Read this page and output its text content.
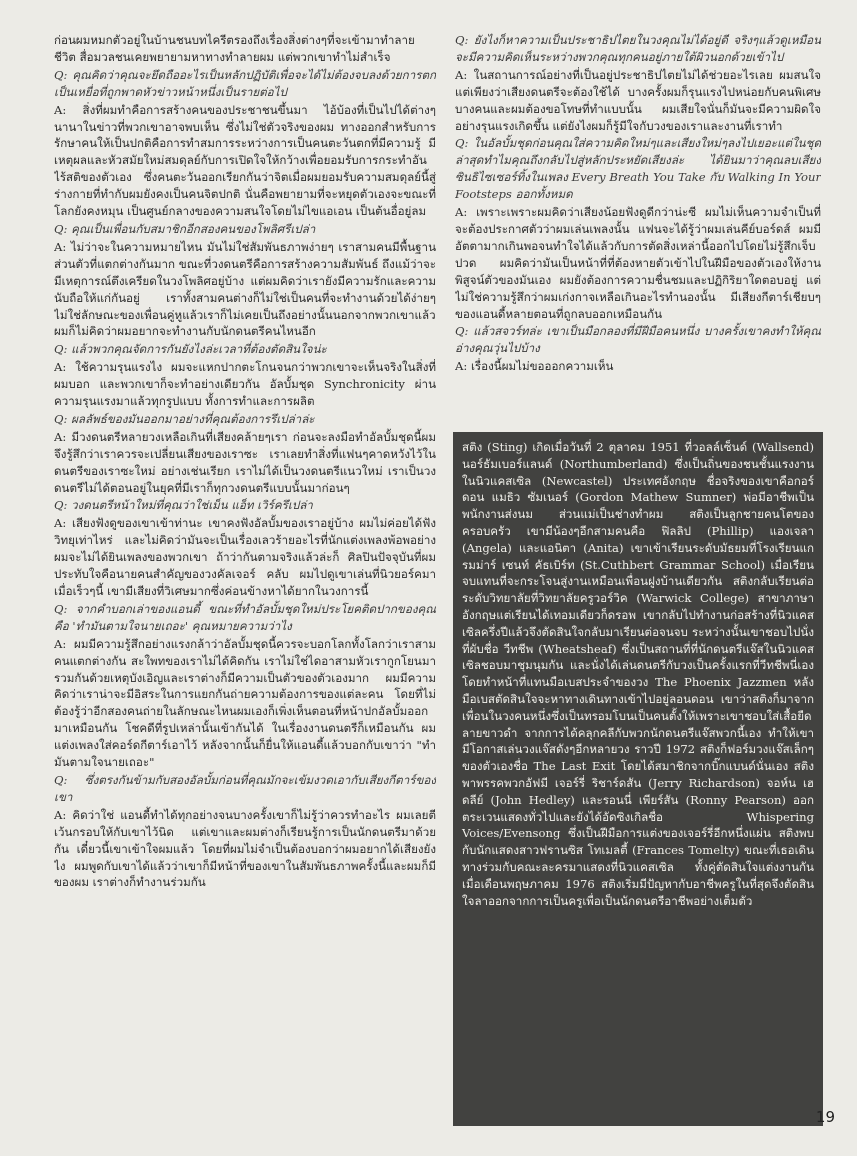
ก่อนผมหมกตัวอยู่ในบ้านชนบทไครีตรองถึงเรื่องสิ่งต่างๆที่จะเข้ามาทำลายชีวิต สื่อมวลชนเคยพยายามหาทางทำลายผม แต่พวกเขาทำไม่สำเร็จ

Q: คุณคิดว่าคุณจะยึดถืออะไรเป็นหลักปฏิบัติเพื่อจะได้ไม่ต้องจบลงด้วยการตกเป็นเหยื่อที่ถูกพาดหัวข่าวหน้าหนึ่งเป็นรายต่อไป

A: สิ่งที่ผมทำคือการสร้างคนของประชาชนขึ้นมา ไอ้บ้องที่เป็นไปได้ต่างๆ นานาในข่าวที่พวกเขาอาจพบเห็น ซึ่งไม่ใช่ตัวจริงของผม ทางออกสำหรับการรักษาคนให้เป็นปกติคือการทำสมการระหว่างการเป็นคนตะวันตกที่มีความรู้ มีเหตุผลและหัวสมัยใหม่สมดุลย์กับการเปิดใจให้กว้างเพื่อยอมรับการกระทำอันไร้สติของตัวเอง ซึ่งคนตะวันออกเรียกกันว่าจิตเมื่อผมยอมรับความสมดุลย์นี้สู่ร่างกายที่ทำกับผมยังคงเป็นคนจิตปกติ นั่นคือพยายามที่จะหยุดตัวเองจะขณะที่โลกยังคงหมุน เป็นศูนย์กลางของความสนใจโดยไม่ไขแอเอน เป็นต้นอื่อยู่ลม

Q: คุณเป็นเพื่อนกับสมาชิกอีกสองคนของโพลิศรีเปล่า

A: ไม่ว่าจะในความหมายไหน มันไม่ใช่สัมพันธภาพง่ายๆ เราสามคนมีพื้นฐานส่วนตัวที่แตกต่างกันมาก ขณะที่วงดนตรีคือการสร้างความสัมพันธ์ ถึงแม้ว่าจะมีเหตุการณ์ตึงเครียดในวงโพลิศอยู่บ้าง แต่ผมคิดว่าเรายังมีความรักและความนับถือให้แก่กันอยู่ เราทั้งสามคนต่างก็ไม่ใช่เป็นคนที่จะทำงานด้วยได้ง่ายๆ ไม่ใช่ลักษณะของเพื่อนคู่หูแล้วเราก็ไม่เคยเป็นถึงอย่างนั้นนอกจากพวกเขาแล้วผมก็ไม่คิดว่าผมอยากจะทำงานกับนักดนตรีคนไหนอีก

Q: แล้วพวกคุณจัดการกันยังไงล่ะเวลาที่ต้องตัดสินใจน่ะ

A: ใช้ความรุนแรงไง ผมจะแหกปากตะโกนจนกว่าพวกเขาจะเห็นจริงในสิ่งที่ผมบอก และพวกเขาก็จะทำอย่างเดียวกัน อัลบั้มชุด Synchronicity ผ่านความรุนแรงมาแล้วทุกรูปแบบ ทั้งการทำและการผลิต

Q: ผลลัพธ์ของมันออกมาอย่างที่คุณต้องการรึเปล่าล่ะ

A: มีวงดนตรีหลายวงเหลือเกินที่เสียงคล้ายๆเรา ก่อนจะลงมือทำอัลบั้มชุดนี้ผมจึงรู้สึกว่าเราควรจะเปลี่ยนเสียงของเราซะ เราเลยทำสิ่งที่แฟนๆคาดหวังไว้ในดนตรีของเราซะใหม่ อย่างเช่นเรียก เราไม่ได้เป็นวงดนตรีแนวใหม่ เราเป็นวงดนตรีไม่ได้ตอนอยู่ในยุคที่มีเราก็ทุกวงดนตรีแบบนั้นมาก่อนๆ

Q: วงดนตรีหน้าใหม่ที่คุณว่าใช่เม็น แอ็ท เวิร์ครึเปล่า

A: เสียงฟังดูของเขาเข้าท่านะ เขาคงฟังอัลบั้มของเราอยู่บ้าง ผมไม่ค่อยได้ฟังวิทยุเท่าไหร่ และไม่คิดว่ามันจะเป็นเรื่องเลวร้ายอะไรที่นักแต่งเพลงพ้อพอย่างผมจะไม่ได้ยินเพลงของพวกเขา ถ้าว่ากันตามจริงแล้วล่ะก็ ศิลปินปัจจุบันที่ผมประทับใจคือนายคนสำคัญของวงคัลเจอร์ คลับ ผมไปดูเขาเล่นที่นิวยอร์คมาเมื่อเร็วๆนี้ เขามีเสียงที่วิเศษมากซึ่งค่อนข้างหาได้ยากในวงการนี้

Q: จากคำบอกเล่าของแอนดี้ ขณะที่ทำอัลบั้มชุดใหม่ประโยคติดปากของคุณคือ 'ทำมันตามใจนายเถอะ' คุณหมายความว่าไง

A: ผมมีความรู้สึกอย่างแรงกล้าว่าอัลบั้มชุดนี้ควรจะบอกโลกทั้งโลกว่าเราสามคนแตกต่างกัน สะใพทของเราไม่ได้คิดกัน เราไม่ใช่ไดอาสามหัวเรากูกโยนมารวมกันด้วยเหตุบังเอิญและเราต่างก็มีความเป็นตัวของตัวเองมาก ผมมีความคิดว่าเราน่าจะมีอิสระในการแยกกันถ่ายความต้องการของแต่ละคน โดยที่ไม่ต้องรู้ว่าอีกสองคนถ่ายในลักษณะไหนผมเองก็เพิ่งเห็นตอนที่หน้าปกอัลบั้มออกมาเหมือนกัน โชคดีที่รูปเหล่านั้นเข้ากันได้ ในเรื่องงานดนตรีก็เหมือนกัน ผมแต่งเพลงใส่คอร์ดกีตาร์เอาไว้ หลังจากนั้นก็ยื่นให้แอนดี้แล้วบอกกับเขาว่า "ทำมันตามใจนายเถอะ"

Q: ซึ่งตรงกันข้ามกับสองอัลบั้มก่อนที่คุณมักจะเข้มงวดเอากับเสียงกีตาร์ของเขา

A: คิดว่าใช่ แอนดี้ทำได้ทุกอย่างจนบางครั้งเขาก็ไม่รู้ว่าควรทำอะไร ผมเลยตีเว้นกรอบให้กับเขาไว้นิด แต่เขาและผมต่างก็เรียนรู้การเป็นนักดนตรีมาด้วยกัน เดี๋ยวนี้เขาเข้าใจผมแล้ว โดยที่ผมไม่จำเป็นต้องบอกว่าผมอยากได้เสียงยังไง ผมพูดกับเขาได้แล้วว่าเขาก็มีหน้าที่ของเขาในสัมพันธภาพครั้งนี้และผมก็มีของผม เราต่างก็ทำงานร่วมกัน

Q: ยังไงก็หาความเป็นประชาธิปไตยในวงคุณไม่ได้อยู่ดี จริงๆแล้วดูเหมือนจะมีความคิดเห็นระหว่างพวกคุณทุกคนอยู่ภายใต้ผิวนอกด้วยเข้าไป

A: ในสถานการณ์อย่างที่เป็นอยู่ประชาธิปไตยไม่ได้ช่วยอะไรเลย ผมสนใจแต่เพียงว่าเสียงดนตรีจะต้องใช้ได้ บางครั้งผมก็รุนแรงไปหน่อยกับคนพิเศษบางคนและผมต้องขอโทษที่ทำแบบนั้น ผมเสียใจนั่นก็มันจะมีความผิดใจอย่างรุนแรงเกิดขึ้น แต่ยังไงผมก็รู้มีใจกับวงของเราและงานที่เราทำ

Q: ในอัลบั้มชุดก่อนคุณใส่ความคิดใหม่ๆและเสียงใหม่ๆลงไปเยอะแต่ในชุดล่าสุดทำไมคุณถึงกลับไปสู่หลักประหยัดเสียงล่ะ ได้ยินมาว่าคุณลบเสียงซินธิไซเซอร์ทิ้งในเพลง Every Breath You Take กับ Walking In Your Footsteps ออกทั้งหมด

A: เพราะเพราะผมคิดว่าเสียงน้อยฟังดูดีกว่าน่ะซี ผมไม่เห็นความจำเป็นที่จะต้องประกาศตัวว่าผมเล่นเพลงนั้น แฟนจะได้รู้ว่าผมเล่นคีย์บอร์ดส์ ผมมีอัตตามากเกินพอจนทำใจได้แล้วกับการตัดสิ่งเหล่านี้ออกไปโดยไม่รู้สึกเจ็บปวด ผมคิดว่ามันเป็นหน้าที่ที่ต้องหายตัวเข้าไปในฝีมือของตัวเองให้งานพิสูจน์ตัวของมันเอง ผมยังต้องการความชื่นชมและปฏิกิริยาใดตอบอยู่ แต่ไม่ใช่ความรู้สึกว่าผมเก่งกาจเหลือเกินอะไรทำนองนั้น มีเสียงกีตาร์เชียบๆของแอนดี้หลายตอนที่ถูกลบออกเหมือนกัน

Q: แล้วสจวร์ทล่ะ เขาเป็นมือกลองที่มีฝีมือคนหนึ่ง บางครั้งเขาคงทำให้คุณอ่างคุณวุ่นไปบ้าง

A: เรื่องนี้ผมไม่ขอออกความเห็น

สติง (Sting) เกิดเมื่อวันที่ 2 ตุลาคม 1951 ที่วอลล์เซ็นด์ (Wallsend) นอร์ธัมเบอร์แลนด์ (Northumberland) ซึ่งเป็นถิ่นของชนชั้นแรงงานในนิวแคสเซิล (Newcastel) ประเทศอังกฤษ ชื่อจริงของเขาคือกอร์ดอน แมธิว ซัมเนอร์ (Gordon Mathew Sumner) พ่อมีอาชีพเป็นพนักงานส่งนม ส่วนแม่เป็นช่างทำผม สติงเป็นลูกชายคนโตของครอบครัว เขามีน้องๆอีกสามคนคือ ฟิลลิป (Phillip) แองเจลา (Angela) และแอนิตา (Anita) เขาเข้าเรียนระดับมัธยมที่โรงเรียนแกรมม่าร์ เซนท์ คัธเบิร์ท (St.Cuthbert Grammar School) เมื่อเรียนจบแทนที่จะกระโจนสู่งานเหมือนเพื่อนฝูงบ้านเดียวกัน สติงกลับเรียนต่อระดับวิทยาลัยที่วิทยาลัยครูวอร์วิค (Warwick College) สาขาภาษาอังกฤษแต่เรียนได้เทอมเดียวก็ดรอพ เขากลับไปทำงานก่อสร้างที่นิวแคสเซิลครึ่งปีแล้วจึงตัดสินใจกลับมาเรียนต่อจนจบ ระหว่างนั้นเขาชอบไปนั่งที่ผับชื่อ วีทชีพ (Wheatsheaf) ซึ่งเป็นสถานที่ที่นักดนตรีแจ๊สในนิวแคสเซิลชอบมาชุมนุมกัน และนั่งได้เล่นดนตรีกับวงเป็นครั้งแรกที่วีทชีพนี่เองโดยทำหน้าที่แทนมือเบสประจำของวง The Phoenix Jazzmen หลังมือเบสตัดสินใจจะหาทางเดินทางเข้าไปอยู่ลอนดอน เขาว่าสติงก็มาจากเพื่อนในวงคนหนึ่งซึ่งเป็นทรอมโบนเป็นคนตั้งให้เพราะเขาชอบใส่เสื้อยืดลายขาวดำ จากการได้คลุกคลีกับพวกนักดนตรีแจ๊สพวกนี้เอง ทำให้เขามีโอกาสเล่นวงแจ๊สดังๆอีกหลายวง ราวปี 1972 สติงก็ฟอร์มวงแจ๊สเล็กๆของตัวเองชื่อ The Last Exit โดยได้สมาชิกจากบิ๊กแบนด์นั่นเอง สติงพาพรรคพวกอัฟมี เจอร์รี่ ริชาร์ดสัน (Jerry Richardson) จอห์น เฮดลีย์ (John Hedley) และรอนนี่ เพียร์สัน (Ronny Pearson) ออกตระเวนแสดงทั่วไปและยังได้อัดซิงเกิลชื่อ Whispering Voices/Evensong ซึ่งเป็นฝีมือการแต่งของเจอร์รี่อีกหนึ่งแผ่น สติงพบกับนักแสดงสาวฟรานซิส โทเมลตี้ (Frances Tomelty) ขณะที่เธอเดินทางร่วมกับคณะละครมาแสดงที่นิวแคสเซิล ทั้งคู่ตัดสินใจแต่งงานกันเมื่อเดือนพฤษภาคม 1976 สติงเริ่มมีปัญหากับอาชีพครูในที่สุดจึงตัดสินใจลาออกจากการเป็นครูเพื่อเป็นนักดนตรีอาชีพอย่างเต็มตัว

19
